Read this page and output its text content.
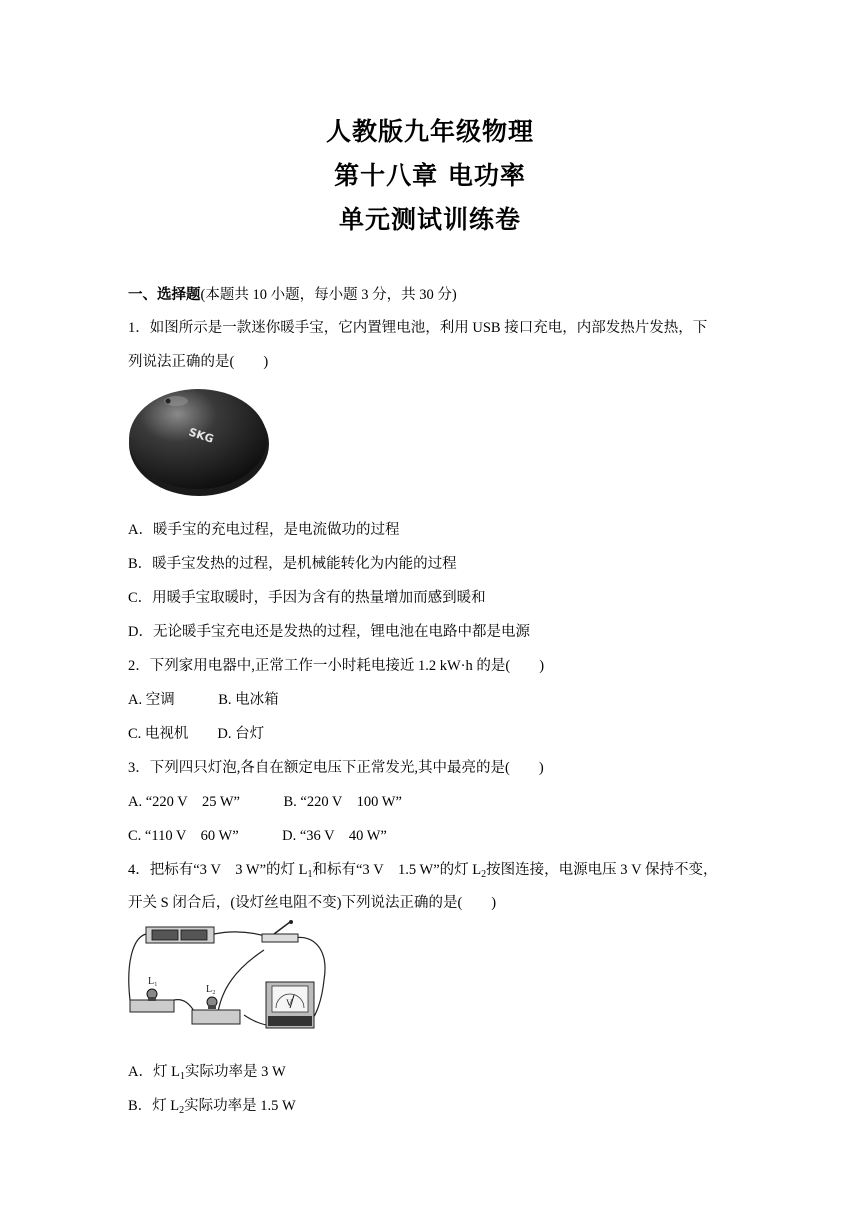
人教版九年级物理
第十八章 电功率
单元测试训练卷
一、选择题(本题共 10 小题，每小题 3 分，共 30 分)
1．如图所示是一款迷你暖手宝，它内置锂电池，利用 USB 接口充电，内部发热片发热，下
列说法正确的是(　　)
SKG
A．暖手宝的充电过程，是电流做功的过程
B．暖手宝发热的过程，是机械能转化为内能的过程
C．用暖手宝取暖时，手因为含有的热量增加而感到暖和
D．无论暖手宝充电还是发热的过程，锂电池在电路中都是电源
2．下列家用电器中,正常工作一小时耗电接近 1.2 kW·h 的是(　　)
A. 空调　　　B. 电冰箱
C. 电视机　　D. 台灯
3．下列四只灯泡,各自在额定电压下正常发光,其中最亮的是(　　)
A. “220 V　25 W”　　　B. “220 V　100 W”
C. “110 V　60 W”　　　D. “36 V　40 W”
4．把标有“3 V　3 W”的灯 $L_1$和标有“3 V　1.5 W”的灯 $L_2$按图连接，电源电压 3 V 保持不变，
开关 S 闭合后，(设灯丝电阻不变)下列说法正确的是(　　)
L₁
L₂
V
A．灯 $L_1$实际功率是 3 W
B．灯 $L_2$实际功率是 1.5 W
